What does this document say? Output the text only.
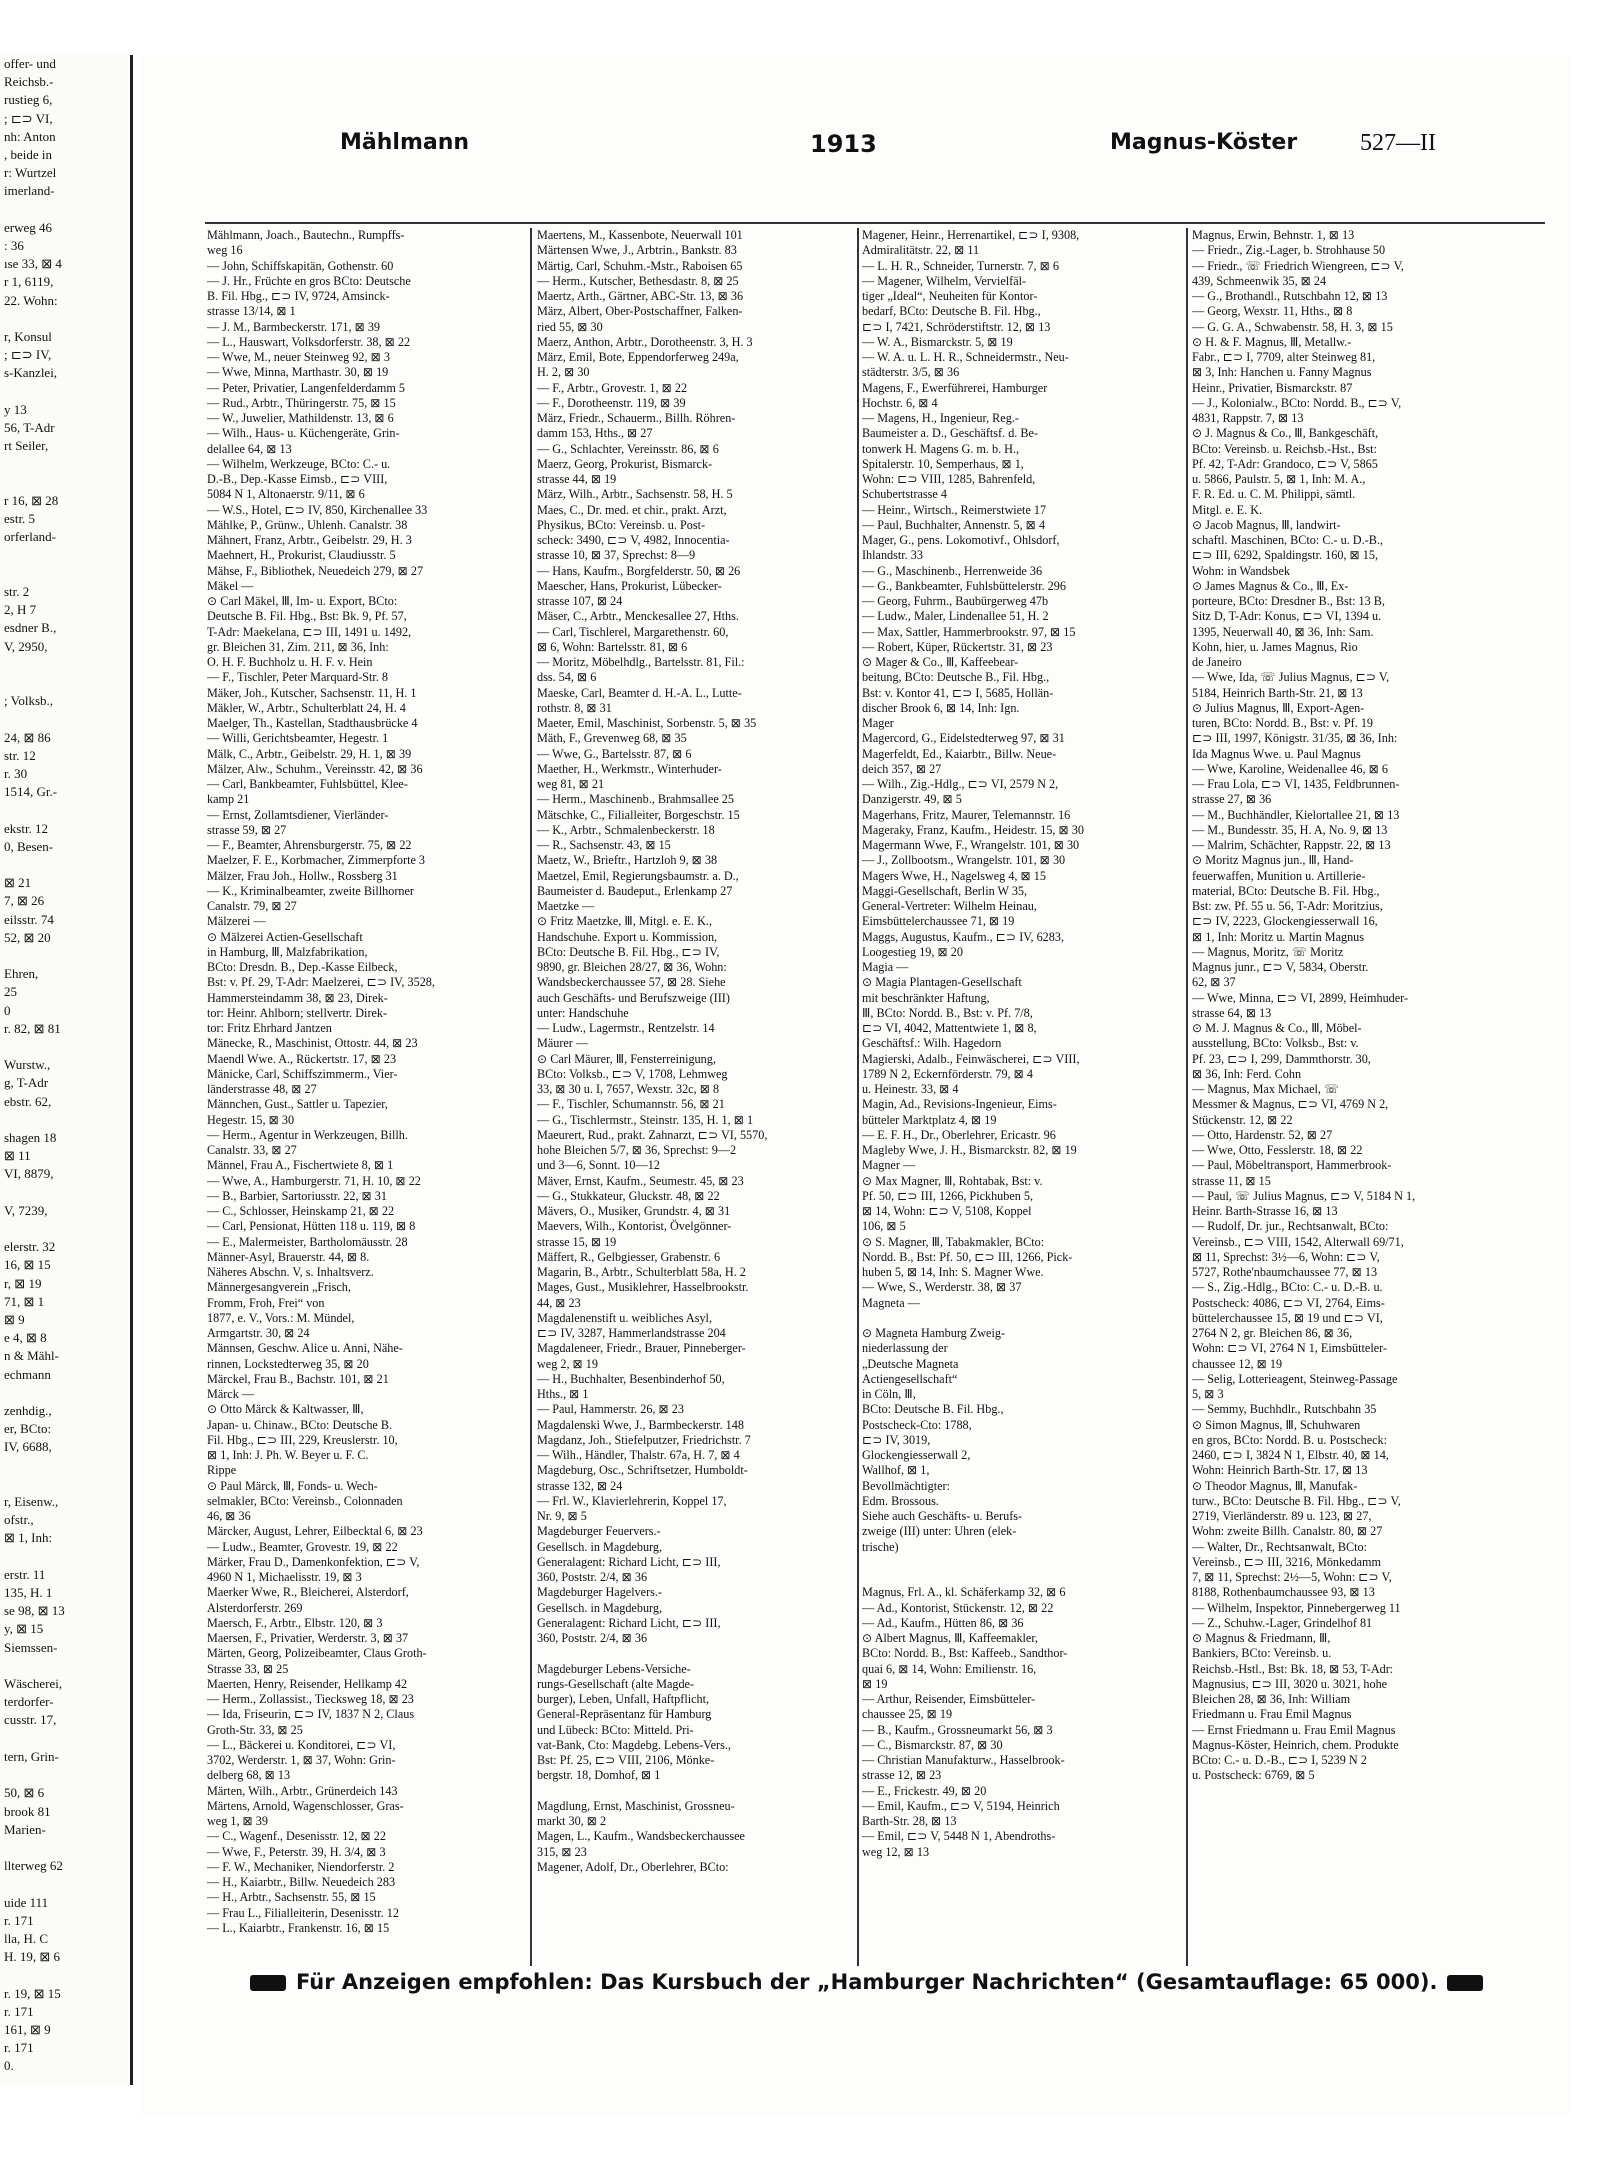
offer- und
Reichsb.-
rustieg 6,
; ⊏⊃ VI,
nh: Anton
, beide in
r: Wurtzel
imerland-

erweg 46
: 36
ıse 33, ⊠ 4
r 1, 6119,
22. Wohn:

r, Konsul
; ⊏⊃ IV,
s-Kanzlei,

y 13
56, T-Adr
rt Seiler,

r 16, ⊠ 28
estr. 5
orferland-

str. 2
2, H 7
esdner B.,
V, 2950,

; Volksb.,

24, ⊠ 86
str. 12
r. 30
1514, Gr.-

ekstr. 12
0, Besen-

⊠ 21
7, ⊠ 26
eilsstr. 74
52, ⊠ 20

Ehren,
25
0
r. 82, ⊠ 81

Wurstw.,
g, T-Adr
ebstr. 62,

shagen 18
⊠ 11
VI, 8879,

V, 7239,

elerstr. 32
16, ⊠ 15
r, ⊠ 19
71, ⊠ 1
⊠ 9
e 4, ⊠ 8
n & Mähl-
echmann

zenhdig.,
er, BCto:
IV, 6688,

r, Eisenw.,
ofstr.,
⊠ 1, Inh:

erstr. 11
135, H. 1
se 98, ⊠ 13
y, ⊠ 15
Siemssen-

Wäscherei,
terdorfer-
cusstr. 17,

tern, Grin-

50, ⊠ 6
brook 81
Marien-

llterweg 62

uide 111
r. 171
lla, H. C
H. 19, ⊠ 6

r. 19, ⊠ 15
r. 171
161, ⊠ 9
r. 171
0.
Mählmann	1913	Magnus-Köster	527—II
Mählmann, Joach., Bautechn., Rumpffs-
weg 16
— John, Schiffskapitän, Gothenstr. 60
— J. Hr., Früchte en gros BCto: Deutsche
B. Fil. Hbg., ⊏⊃ IV, 9724, Amsinck-
strasse 13/14, ⊠ 1
— J. M., Barmbeckerstr. 171, ⊠ 39
— L., Hauswart, Volksdorferstr. 38, ⊠ 22
— Wwe, M., neuer Steinweg 92, ⊠ 3
— Wwe, Minna, Marthastr. 30, ⊠ 19
— Peter, Privatier, Langenfelderdamm 5
— Rud., Arbtr., Thüringerstr. 75, ⊠ 15
— W., Juwelier, Mathildenstr. 13, ⊠ 6
— Wilh., Haus- u. Küchengeräte, Grin-
delallee 64, ⊠ 13
— Wilhelm, Werkzeuge, BCto: C.- u.
D.-B., Dep.-Kasse Eimsb., ⊏⊃ VIII,
5084 N 1, Altonaerstr. 9/11, ⊠ 6
— W.S., Hotel, ⊏⊃ IV, 850, Kirchenallee 33
Mählke, P., Grünw., Uhlenh. Canalstr. 38
Mähnert, Franz, Arbtr., Geibelstr. 29, H. 3
Maehnert, H., Prokurist, Claudiusstr. 5
Mähse, F., Bibliothek, Neuedeich 279, ⊠ 27
Mäkel —
⊙ Carl Mäkel, Ⅲ, Im- u. Export, BCto:
Deutsche B. Fil. Hbg., Bst: Bk. 9, Pf. 57,
T-Adr: Maekelana, ⊏⊃ III, 1491 u. 1492,
gr. Bleichen 31, Zim. 211, ⊠ 36, Inh:
O. H. F. Buchholz u. H. F. v. Hein
— F., Tischler, Peter Marquard-Str. 8
Mäker, Joh., Kutscher, Sachsenstr. 11, H. 1
Mäkler, W., Arbtr., Schulterblatt 24, H. 4
Maelger, Th., Kastellan, Stadthausbrücke 4
— Willi, Gerichtsbeamter, Hegestr. 1
Mälk, C., Arbtr., Geibelstr. 29, H. 1, ⊠ 39
Mälzer, Alw., Schuhm., Vereinsstr. 42, ⊠ 36
— Carl, Bankbeamter, Fuhlsbüttel, Klee-
kamp 21
— Ernst, Zollamtsdiener, Vierländer-
strasse 59, ⊠ 27
— F., Beamter, Ahrensburgerstr. 75, ⊠ 22
Maelzer, F. E., Korbmacher, Zimmerpforte 3
Mälzer, Frau Joh., Hollw., Rossberg 31
— K., Kriminalbeamter, zweite Billhorner
Canalstr. 79, ⊠ 27
Mälzerei —
⊙ Mälzerei Actien-Gesellschaft
in Hamburg, Ⅲ, Malzfabrikation,
BCto: Dresdn. B., Dep.-Kasse Eilbeck,
Bst: v. Pf. 29, T-Adr: Maelzerei, ⊏⊃ IV, 3528,
Hammersteindamm 38, ⊠ 23, Direk-
tor: Heinr. Ahlborn; stellvertr. Direk-
tor: Fritz Ehrhard Jantzen
Mänecke, R., Maschinist, Ottostr. 44, ⊠ 23
Maendl Wwe. A., Rückertstr. 17, ⊠ 23
Mänicke, Carl, Schiffszimmerm., Vier-
länderstrasse 48, ⊠ 27
Männchen, Gust., Sattler u. Tapezier,
Hegestr. 15, ⊠ 30
— Herm., Agentur in Werkzeugen, Billh.
Canalstr. 33, ⊠ 27
Männel, Frau A., Fischertwiete 8, ⊠ 1
— Wwe, A., Hamburgerstr. 71, H. 10, ⊠ 22
— B., Barbier, Sartoriusstr. 22, ⊠ 31
— C., Schlosser, Heinskamp 21, ⊠ 22
— Carl, Pensionat, Hütten 118 u. 119, ⊠ 8
— E., Malermeister, Bartholomäusstr. 28
Männer-Asyl, Brauerstr. 44, ⊠ 8.
Näheres Abschn. V, s. Inhaltsverz.
Männergesangverein „Frisch,
Fromm, Froh, Frei“ von
1877, e. V., Vors.: M. Mündel,
Armgartstr. 30, ⊠ 24
Männsen, Geschw. Alice u. Anni, Nähe-
rinnen, Lockstedterweg 35, ⊠ 20
Märckel, Frau B., Bachstr. 101, ⊠ 21
Märck —
⊙ Otto Märck & Kaltwasser, Ⅲ,
Japan- u. Chinaw., BCto: Deutsche B.
Fil. Hbg., ⊏⊃ III, 229, Kreuslerstr. 10,
⊠ 1, Inh: J. Ph. W. Beyer u. F. C.
Rippe
⊙ Paul Märck, Ⅲ, Fonds- u. Wech-
selmakler, BCto: Vereinsb., Colonnaden
46, ⊠ 36
Märcker, August, Lehrer, Eilbecktal 6, ⊠ 23
— Ludw., Beamter, Grovestr. 19, ⊠ 22
Märker, Frau D., Damenkonfektion, ⊏⊃ V,
4960 N 1, Michaelisstr. 19, ⊠ 3
Maerker Wwe, R., Bleicherei, Alsterdorf,
Alsterdorferstr. 269
Maersch, F., Arbtr., Elbstr. 120, ⊠ 3
Maersen, F., Privatier, Werderstr. 3, ⊠ 37
Märten, Georg, Polizeibeamter, Claus Groth-
Strasse 33, ⊠ 25
Maerten, Henry, Reisender, Hellkamp 42
— Herm., Zollassist., Tiecksweg 18, ⊠ 23
— Ida, Friseurin, ⊏⊃ IV, 1837 N 2, Claus
Groth-Str. 33, ⊠ 25
— L., Bäckerei u. Konditorei, ⊏⊃ VI,
3702, Werderstr. 1, ⊠ 37, Wohn: Grin-
delberg 68, ⊠ 13
Märten, Wilh., Arbtr., Grünerdeich 143
Märtens, Arnold, Wagenschlosser, Gras-
weg 1, ⊠ 39
— C., Wagenf., Desenisstr. 12, ⊠ 22
— Wwe, F., Peterstr. 39, H. 3/4, ⊠ 3
— F. W., Mechaniker, Niendorferstr. 2
— H., Kaiarbtr., Billw. Neuedeich 283
— H., Arbtr., Sachsenstr. 55, ⊠ 15
— Frau L., Filialleiterin, Desenisstr. 12
— L., Kaiarbtr., Frankenstr. 16, ⊠ 15
Maertens, M., Kassenbote, Neuerwall 101
Märtensen Wwe, J., Arbtrin., Bankstr. 83
Märtig, Carl, Schuhm.-Mstr., Raboisen 65
— Herm., Kutscher, Bethesdastr. 8, ⊠ 25
Maertz, Arth., Gärtner, ABC-Str. 13, ⊠ 36
März, Albert, Ober-Postschaffner, Falken-
ried 55, ⊠ 30
Maerz, Anthon, Arbtr., Dorotheenstr. 3, H. 3
März, Emil, Bote, Eppendorferweg 249a,
H. 2, ⊠ 30
— F., Arbtr., Grovestr. 1, ⊠ 22
— F., Dorotheenstr. 119, ⊠ 39
März, Friedr., Schauerm., Billh. Röhren-
damm 153, Hths., ⊠ 27
— G., Schlachter, Vereinsstr. 86, ⊠ 6
Maerz, Georg, Prokurist, Bismarck-
strasse 44, ⊠ 19
März, Wilh., Arbtr., Sachsenstr. 58, H. 5
Maes, C., Dr. med. et chir., prakt. Arzt,
Physikus, BCto: Vereinsb. u. Post-
scheck: 3490, ⊏⊃ V, 4982, Innocentia-
strasse 10, ⊠ 37, Sprechst: 8—9
— Hans, Kaufm., Borgfelderstr. 50, ⊠ 26
Maescher, Hans, Prokurist, Lübecker-
strasse 107, ⊠ 24
Mäser, C., Arbtr., Menckesallee 27, Hths.
— Carl, Tischlerel, Margarethenstr. 60,
⊠ 6, Wohn: Bartelsstr. 81, ⊠ 6
— Moritz, Möbelhdlg., Bartelsstr. 81, Fil.:
dss. 54, ⊠ 6
Maeske, Carl, Beamter d. H.-A. L., Lutte-
rothstr. 8, ⊠ 31
Maeter, Emil, Maschinist, Sorbenstr. 5, ⊠ 35
Mäth, F., Grevenweg 68, ⊠ 35
— Wwe, G., Bartelsstr. 87, ⊠ 6
Maether, H., Werkmstr., Winterhuder-
weg 81, ⊠ 21
— Herm., Maschinenb., Brahmsallee 25
Mätschke, C., Filialleiter, Borgeschstr. 15
— K., Arbtr., Schmalenbeckerstr. 18
— R., Sachsenstr. 43, ⊠ 15
Maetz, W., Brieftr., Hartzloh 9, ⊠ 38
Maetzel, Emil, Regierungsbaumstr. a. D.,
Baumeister d. Baudeput., Erlenkamp 27
Maetzke —
⊙ Fritz Maetzke, Ⅲ, Mitgl. e. E. K.,
Handschuhe. Export u. Kommission,
BCto: Deutsche B. Fil. Hbg., ⊏⊃ IV,
9890, gr. Bleichen 28/27, ⊠ 36, Wohn:
Wandsbeckerchaussee 57, ⊠ 28. Siehe
auch Geschäfts- und Berufszweige (III)
unter: Handschuhe
— Ludw., Lagermstr., Rentzelstr. 14
Mäurer —
⊙ Carl Mäurer, Ⅲ, Fensterreinigung,
BCto: Volksb., ⊏⊃ V, 1708, Lehmweg
33, ⊠ 30 u. I, 7657, Wexstr. 32c, ⊠ 8
— F., Tischler, Schumannstr. 56, ⊠ 21
— G., Tischlermstr., Steinstr. 135, H. 1, ⊠ 1
Maeurert, Rud., prakt. Zahnarzt, ⊏⊃ VI, 5570,
hohe Bleichen 5/7, ⊠ 36, Sprechst: 9—2
und 3—6, Sonnt. 10—12
Mäver, Ernst, Kaufm., Seumestr. 45, ⊠ 23
— G., Stukkateur, Gluckstr. 48, ⊠ 22
Mävers, O., Musiker, Grundstr. 4, ⊠ 31
Maevers, Wilh., Kontorist, Övelgönner-
strasse 15, ⊠ 19
Mäffert, R., Gelbgiesser, Grabenstr. 6
Magarin, B., Arbtr., Schulterblatt 58a, H. 2
Mages, Gust., Musiklehrer, Hasselbrookstr.
44, ⊠ 23
Magdalenenstift u. weibliches Asyl,
⊏⊃ IV, 3287, Hammerlandstrasse 204
Magdaleneer, Friedr., Brauer, Pinneberger-
weg 2, ⊠ 19
— H., Buchhalter, Besenbinderhof 50,
Hths., ⊠ 1
— Paul, Hammerstr. 26, ⊠ 23
Magdalenski Wwe, J., Barmbeckerstr. 148
Magdanz, Joh., Stiefelputzer, Friedrichstr. 7
— Wilh., Händler, Thalstr. 67a, H. 7, ⊠ 4
Magdeburg, Osc., Schriftsetzer, Humboldt-
strasse 132, ⊠ 24
— Frl. W., Klavierlehrerin, Koppel 17,
Nr. 9, ⊠ 5
Magdeburger Feuervers.-
Gesellsch. in Magdeburg,
Generalagent: Richard Licht, ⊏⊃ III,
360, Poststr. 2/4, ⊠ 36
Magdeburger Hagelvers.-
Gesellsch. in Magdeburg,
Generalagent: Richard Licht, ⊏⊃ III,
360, Poststr. 2/4, ⊠ 36

Magdeburger Lebens-Versiche-
rungs-Gesellschaft (alte Magde-
burger), Leben, Unfall, Haftpflicht,
General-Repräsentanz für Hamburg
und Lübeck: BCto: Mitteld. Pri-
vat-Bank, Cto: Magdebg. Lebens-Vers.,
Bst: Pf. 25, ⊏⊃ VIII, 2106, Mönke-
bergstr. 18, Domhof, ⊠ 1

Magdlung, Ernst, Maschinist, Grossneu-
markt 30, ⊠ 2
Magen, L., Kaufm., Wandsbeckerchaussee
315, ⊠ 23
Magener, Adolf, Dr., Oberlehrer, BCto:
Magener, Heinr., Herrenartikel, ⊏⊃ I, 9308,
Admiralitätstr. 22, ⊠ 11
— L. H. R., Schneider, Turnerstr. 7, ⊠ 6
— Magener, Wilhelm, Vervielfäl-
tiger „Ideal“, Neuheiten für Kontor-
bedarf, BCto: Deutsche B. Fil. Hbg.,
⊏⊃ I, 7421, Schröderstiftstr. 12, ⊠ 13
— W. A., Bismarckstr. 5, ⊠ 19
— W. A. u. L. H. R., Schneidermstr., Neu-
städterstr. 3/5, ⊠ 36
Magens, F., Ewerführerei, Hamburger
Hochstr. 6, ⊠ 4
— Magens, H., Ingenieur, Reg.-
Baumeister a. D., Geschäftsf. d. Be-
tonwerk H. Magens G. m. b. H.,
Spitalerstr. 10, Semperhaus, ⊠ 1,
Wohn: ⊏⊃ VIII, 1285, Bahrenfeld,
Schubertstrasse 4
— Heinr., Wirtsch., Reimerstwiete 17
— Paul, Buchhalter, Annenstr. 5, ⊠ 4
Mager, G., pens. Lokomotivf., Ohlsdorf,
Ihlandstr. 33
— G., Maschinenb., Herrenweide 36
— G., Bankbeamter, Fuhlsbüttelerstr. 296
— Georg, Fuhrm., Baubürgerweg 47b
— Ludw., Maler, Lindenallee 51, H. 2
— Max, Sattler, Hammerbrookstr. 97, ⊠ 15
— Robert, Küper, Rückertstr. 31, ⊠ 23
⊙ Mager & Co., Ⅲ, Kaffeebear-
beitung, BCto: Deutsche B., Fil. Hbg.,
Bst: v. Kontor 41, ⊏⊃ I, 5685, Hollän-
discher Brook 6, ⊠ 14, Inh: Ign.
Mager
Magercord, G., Eidelstedterweg 97, ⊠ 31
Magerfeldt, Ed., Kaiarbtr., Billw. Neue-
deich 357, ⊠ 27
— Wilh., Zig.-Hdlg., ⊏⊃ VI, 2579 N 2,
Danzigerstr. 49, ⊠ 5
Magerhans, Fritz, Maurer, Telemannstr. 16
Mageraky, Franz, Kaufm., Heidestr. 15, ⊠ 30
Magermann Wwe, F., Wrangelstr. 101, ⊠ 30
— J., Zollbootsm., Wrangelstr. 101, ⊠ 30
Magers Wwe, H., Nagelsweg 4, ⊠ 15
Maggi-Gesellschaft, Berlin W 35,
General-Vertreter: Wilhelm Heinau,
Eimsbüttelerchaussee 71, ⊠ 19
Maggs, Augustus, Kaufm., ⊏⊃ IV, 6283,
Loogestieg 19, ⊠ 20
Magia —
⊙ Magia Plantagen-Gesellschaft
mit beschränkter Haftung,
Ⅲ, BCto: Nordd. B., Bst: v. Pf. 7/8,
⊏⊃ VI, 4042, Mattentwiete 1, ⊠ 8,
Geschäftsf.: Wilh. Hagedorn
Magierski, Adalb., Feinwäscherei, ⊏⊃ VIII,
1789 N 2, Eckernförderstr. 79, ⊠ 4
u. Heinestr. 33, ⊠ 4
Magin, Ad., Revisions-Ingenieur, Eims-
bütteler Marktplatz 4, ⊠ 19
— E. F. H., Dr., Oberlehrer, Ericastr. 96
Magleby Wwe, J. H., Bismarckstr. 82, ⊠ 19
Magner —
⊙ Max Magner, Ⅲ, Rohtabak, Bst: v.
Pf. 50, ⊏⊃ III, 1266, Pickhuben 5,
⊠ 14, Wohn: ⊏⊃ V, 5108, Koppel
106, ⊠ 5
⊙ S. Magner, Ⅲ, Tabakmakler, BCto:
Nordd. B., Bst: Pf. 50, ⊏⊃ III, 1266, Pick-
huben 5, ⊠ 14, Inh: S. Magner Wwe.
— Wwe, S., Werderstr. 38, ⊠ 37
Magneta —

⊙ Magneta Hamburg Zweig-
niederlassung der
„Deutsche Magneta
Actiengesellschaft“
in Cöln, Ⅲ,
BCto: Deutsche B. Fil. Hbg.,
Postscheck-Cto: 1788,
⊏⊃ IV, 3019,
Glockengiesserwall 2,
Wallhof, ⊠ 1,
Bevollmächtigter:
Edm. Brossous.
Siehe auch Geschäfts- u. Berufs-
zweige (III) unter: Uhren (elek-
trische)

Magnus, Frl. A., kl. Schäferkamp 32, ⊠ 6
— Ad., Kontorist, Stückenstr. 12, ⊠ 22
— Ad., Kaufm., Hütten 86, ⊠ 36
⊙ Albert Magnus, Ⅲ, Kaffeemakler,
BCto: Nordd. B., Bst: Kaffeeb., Sandthor-
quai 6, ⊠ 14, Wohn: Emilienstr. 16,
⊠ 19
— Arthur, Reisender, Eimsbütteler-
chaussee 25, ⊠ 19
— B., Kaufm., Grossneumarkt 56, ⊠ 3
— C., Bismarckstr. 87, ⊠ 30
— Christian Manufakturw., Hasselbrook-
strasse 12, ⊠ 23
— E., Frickestr. 49, ⊠ 20
— Emil, Kaufm., ⊏⊃ V, 5194, Heinrich
Barth-Str. 28, ⊠ 13
— Emil, ⊏⊃ V, 5448 N 1, Abendroths-
weg 12, ⊠ 13
Magnus, Erwin, Behnstr. 1, ⊠ 13
— Friedr., Zig.-Lager, b. Strohhause 50
— Friedr., ☏ Friedrich Wiengreen, ⊏⊃ V,
439, Schmeenwik 35, ⊠ 24
— G., Brothandl., Rutschbahn 12, ⊠ 13
— Georg, Wexstr. 11, Hths., ⊠ 8
— G. G. A., Schwabenstr. 58, H. 3, ⊠ 15
⊙ H. & F. Magnus, Ⅲ, Metallw.-
Fabr., ⊏⊃ I, 7709, alter Steinweg 81,
⊠ 3, Inh: Hanchen u. Fanny Magnus
Heinr., Privatier, Bismarckstr. 87
— J., Kolonialw., BCto: Nordd. B., ⊏⊃ V,
4831, Rappstr. 7, ⊠ 13
⊙ J. Magnus & Co., Ⅲ, Bankgeschäft,
BCto: Vereinsb. u. Reichsb.-Hst., Bst:
Pf. 42, T-Adr: Grandoco, ⊏⊃ V, 5865
u. 5866, Paulstr. 5, ⊠ 1, Inh: M. A.,
F. R. Ed. u. C. M. Philippi, sämtl.
Mitgl. e. E. K.
⊙ Jacob Magnus, Ⅲ, landwirt-
schaftl. Maschinen, BCto: C.- u. D.-B.,
⊏⊃ III, 6292, Spaldingstr. 160, ⊠ 15,
Wohn: in Wandsbek
⊙ James Magnus & Co., Ⅲ, Ex-
porteure, BCto: Dresdner B., Bst: 13 B,
Sitz D, T-Adr: Konus, ⊏⊃ VI, 1394 u.
1395, Neuerwall 40, ⊠ 36, Inh: Sam.
Kohn, hier, u. James Magnus, Rio
de Janeiro
— Wwe, Ida, ☏ Julius Magnus, ⊏⊃ V,
5184, Heinrich Barth-Str. 21, ⊠ 13
⊙ Julius Magnus, Ⅲ, Export-Agen-
turen, BCto: Nordd. B., Bst: v. Pf. 19
⊏⊃ III, 1997, Königstr. 31/35, ⊠ 36, Inh:
Ida Magnus Wwe. u. Paul Magnus
— Wwe, Karoline, Weidenallee 46, ⊠ 6
— Frau Lola, ⊏⊃ VI, 1435, Feldbrunnen-
strasse 27, ⊠ 36
— M., Buchhändler, Kielortallee 21, ⊠ 13
— M., Bundesstr. 35, H. A, No. 9, ⊠ 13
— Malrim, Schächter, Rappstr. 22, ⊠ 13
⊙ Moritz Magnus jun., Ⅲ, Hand-
feuerwaffen, Munition u. Artillerie-
material, BCto: Deutsche B. Fil. Hbg.,
Bst: zw. Pf. 55 u. 56, T-Adr: Moritzius,
⊏⊃ IV, 2223, Glockengiesserwall 16,
⊠ 1, Inh: Moritz u. Martin Magnus
— Magnus, Moritz, ☏ Moritz
Magnus junr., ⊏⊃ V, 5834, Oberstr.
62, ⊠ 37
— Wwe, Minna, ⊏⊃ VI, 2899, Heimhuder-
strasse 64, ⊠ 13
⊙ M. J. Magnus & Co., Ⅲ, Möbel-
ausstellung, BCto: Volksb., Bst: v.
Pf. 23, ⊏⊃ I, 299, Dammthorstr. 30,
⊠ 36, Inh: Ferd. Cohn
— Magnus, Max Michael, ☏
Messmer & Magnus, ⊏⊃ VI, 4769 N 2,
Stückenstr. 12, ⊠ 22
— Otto, Hardenstr. 52, ⊠ 27
— Wwe, Otto, Fesslerstr. 18, ⊠ 22
— Paul, Möbeltransport, Hammerbrook-
strasse 11, ⊠ 15
— Paul, ☏ Julius Magnus, ⊏⊃ V, 5184 N 1,
Heinr. Barth-Strasse 16, ⊠ 13
— Rudolf, Dr. jur., Rechtsanwalt, BCto:
Vereinsb., ⊏⊃ VIII, 1542, Alterwall 69/71,
⊠ 11, Sprechst: 3½—6, Wohn: ⊏⊃ V,
5727, Rothe'nbaumchaussee 77, ⊠ 13
— S., Zig.-Hdlg., BCto: C.- u. D.-B. u.
Postscheck: 4086, ⊏⊃ VI, 2764, Eims-
büttelerchaussee 15, ⊠ 19 und ⊏⊃ VI,
2764 N 2, gr. Bleichen 86, ⊠ 36,
Wohn: ⊏⊃ VI, 2764 N 1, Eimsbütteler-
chaussee 12, ⊠ 19
— Selig, Lotterieagent, Steinweg-Passage
5, ⊠ 3
— Semmy, Buchhdlr., Rutschbahn 35
⊙ Simon Magnus, Ⅲ, Schuhwaren
en gros, BCto: Nordd. B. u. Postscheck:
2460, ⊏⊃ I, 3824 N 1, Elbstr. 40, ⊠ 14,
Wohn: Heinrich Barth-Str. 17, ⊠ 13
⊙ Theodor Magnus, Ⅲ, Manufak-
turw., BCto: Deutsche B. Fil. Hbg., ⊏⊃ V,
2719, Vierländerstr. 89 u. 123, ⊠ 27,
Wohn: zweite Billh. Canalstr. 80, ⊠ 27
— Walter, Dr., Rechtsanwalt, BCto:
Vereinsb., ⊏⊃ III, 3216, Mönkedamm
7, ⊠ 11, Sprechst: 2½—5, Wohn: ⊏⊃ V,
8188, Rothenbaumchaussee 93, ⊠ 13
— Wilhelm, Inspektor, Pinnebergerweg 11
— Z., Schuhw.-Lager, Grindelhof 81
⊙ Magnus & Friedmann, Ⅲ,
Bankiers, BCto: Vereinsb. u.
Reichsb.-Hstl., Bst: Bk. 18, ⊠ 53, T-Adr:
Magnusius, ⊏⊃ III, 3020 u. 3021, hohe
Bleichen 28, ⊠ 36, Inh: William
Friedmann u. Frau Emil Magnus
— Ernst Friedmann u. Frau Emil Magnus
Magnus-Köster, Heinrich, chem. Produkte
BCto: C.- u. D.-B., ⊏⊃ I, 5239 N 2
u. Postscheck: 6769, ⊠ 5
Für Anzeigen empfohlen: Das Kursbuch der „Hamburger Nachrichten“ (Gesamtauflage: 65 000).
